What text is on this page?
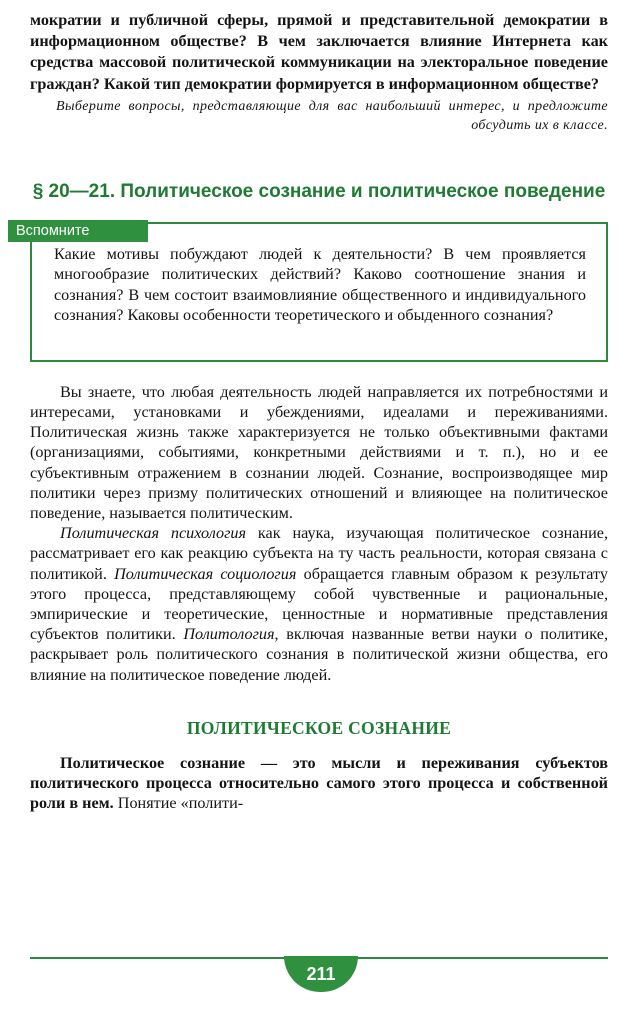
мократии и публичной сферы, прямой и представительной демократии в информационном обществе? В чем заключается влияние Интернета как средства массовой политической коммуникации на электоральное поведение граждан? Какой тип демократии формируется в информационном обществе?

Выберите вопросы, представляющие для вас наибольший интерес, и предложите обсудить их в классе.

§ 20—21. Политическое сознание и политическое поведение
Вспомните

Какие мотивы побуждают людей к деятельности? В чем проявляется многообразие политических действий? Каково соотношение знания и сознания? В чем состоит взаимовлияние общественного и индивидуального сознания? Каковы особенности теоретического и обыденного сознания?

Вы знаете, что любая деятельность людей направляется их потребностями и интересами, установками и убеждениями, идеалами и переживаниями. Политическая жизнь также характеризуется не только объективными фактами (организациями, событиями, конкретными действиями и т. п.), но и ее субъективным отражением в сознании людей. Сознание, воспроизводящее мир политики через призму политических отношений и влияющее на политическое поведение, называется политическим.

Политическая психология как наука, изучающая политическое сознание, рассматривает его как реакцию субъекта на ту часть реальности, которая связана с политикой. Политическая социология обращается главным образом к результату этого процесса, представляющему собой чувственные и рациональные, эмпирические и теоретические, ценностные и нормативные представления субъектов политики. Политология, включая названные ветви науки о политике, раскрывает роль политического сознания в политической жизни общества, его влияние на политическое поведение людей.

ПОЛИТИЧЕСКОЕ СОЗНАНИЕ

Политическое сознание — это мысли и переживания субъектов политического процесса относительно самого этого процесса и собственной роли в нем. Понятие «полити-

211
